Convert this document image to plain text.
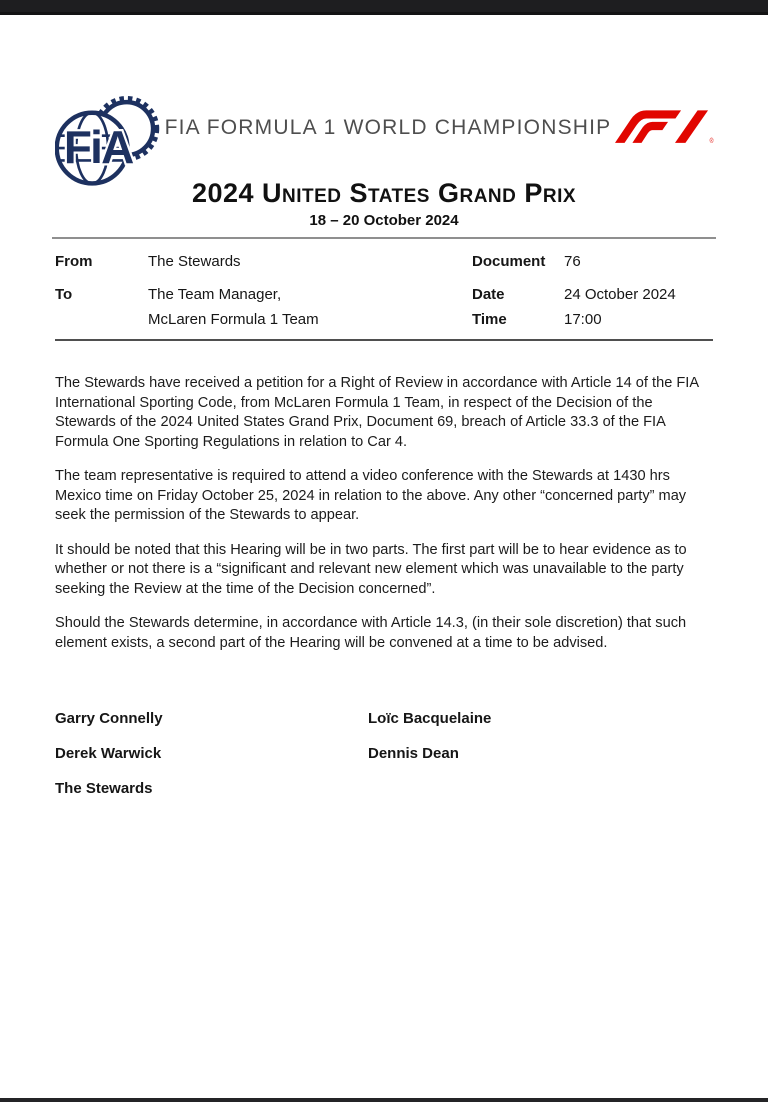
FiA FIA FORMULA 1 WORLD CHAMPIONSHIP
®
2024 United States Grand Prix
18 – 20 October 2024
From	The Stewards	Document	76
To	The Team Manager,	Date	24 October 2024
McLaren Formula 1 Team	Time	17:00

The Stewards have received a petition for a Right of Review in accordance with Article 14 of the FIA International Sporting Code, from McLaren Formula 1 Team, in respect of the Decision of the Stewards of the 2024 United States Grand Prix, Document 69, breach of Article 33.3 of the FIA Formula One Sporting Regulations in relation to Car 4.

The team representative is required to attend a video conference with the Stewards at 1430 hrs Mexico time on Friday October 25, 2024 in relation to the above. Any other “concerned party” may seek the permission of the Stewards to appear.

It should be noted that this Hearing will be in two parts. The first part will be to hear evidence as to whether or not there is a “significant and relevant new element which was unavailable to the party seeking the Review at the time of the Decision concerned”.

Should the Stewards determine, in accordance with Article 14.3, (in their sole discretion) that such element exists, a second part of the Hearing will be convened at a time to be advised.

Garry Connelly	Loïc Bacquelaine
Derek Warwick	Dennis Dean
The Stewards
